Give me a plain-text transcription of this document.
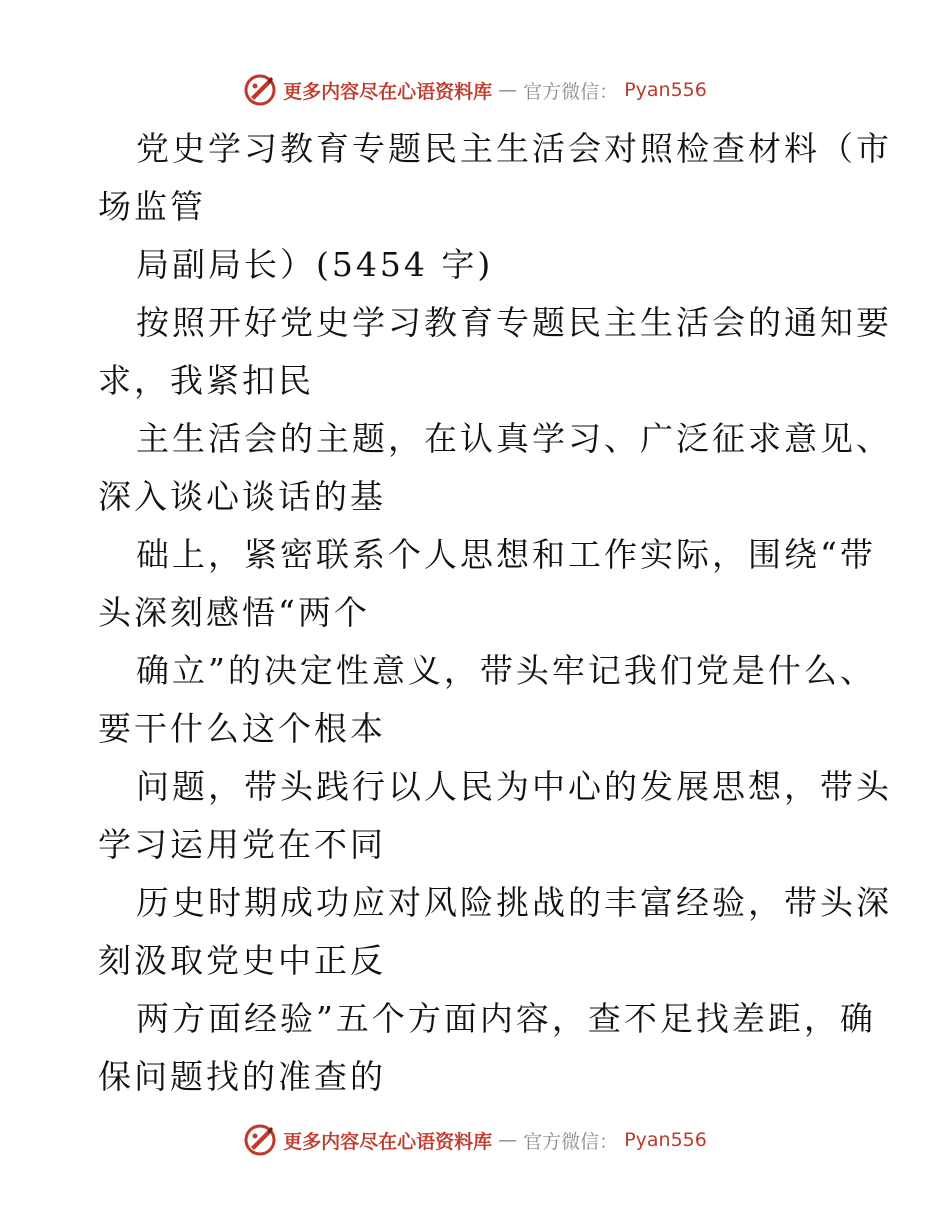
更多内容尽在心语资料库 — 官方微信： Pyan556
党史学习教育专题民主生活会对照检查材料（市
场监管
局副局长）(5454 字)
按照开好党史学习教育专题民主生活会的通知要
求，我紧扣民
主生活会的主题，在认真学习、广泛征求意见、
深入谈心谈话的基
础上，紧密联系个人思想和工作实际，围绕“带
头深刻感悟“两个
确立”的决定性意义，带头牢记我们党是什么、
要干什么这个根本
问题，带头践行以人民为中心的发展思想，带头
学习运用党在不同
历史时期成功应对风险挑战的丰富经验，带头深
刻汲取党史中正反
两方面经验”五个方面内容，查不足找差距，确
保问题找的准查的
更多内容尽在心语资料库 — 官方微信： Pyan556
